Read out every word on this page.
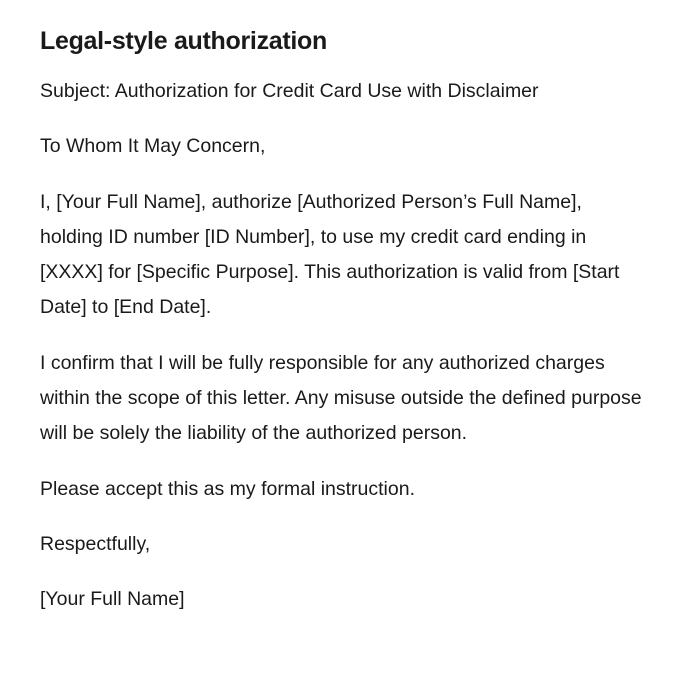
Legal-style authorization

Subject: Authorization for Credit Card Use with Disclaimer

To Whom It May Concern,

I, [Your Full Name], authorize [Authorized Person’s Full Name], holding ID number [ID Number], to use my credit card ending in [XXXX] for [Specific Purpose]. This authorization is valid from [Start Date] to [End Date].

I confirm that I will be fully responsible for any authorized charges within the scope of this letter. Any misuse outside the defined purpose will be solely the liability of the authorized person.

Please accept this as my formal instruction.

Respectfully,

[Your Full Name]
